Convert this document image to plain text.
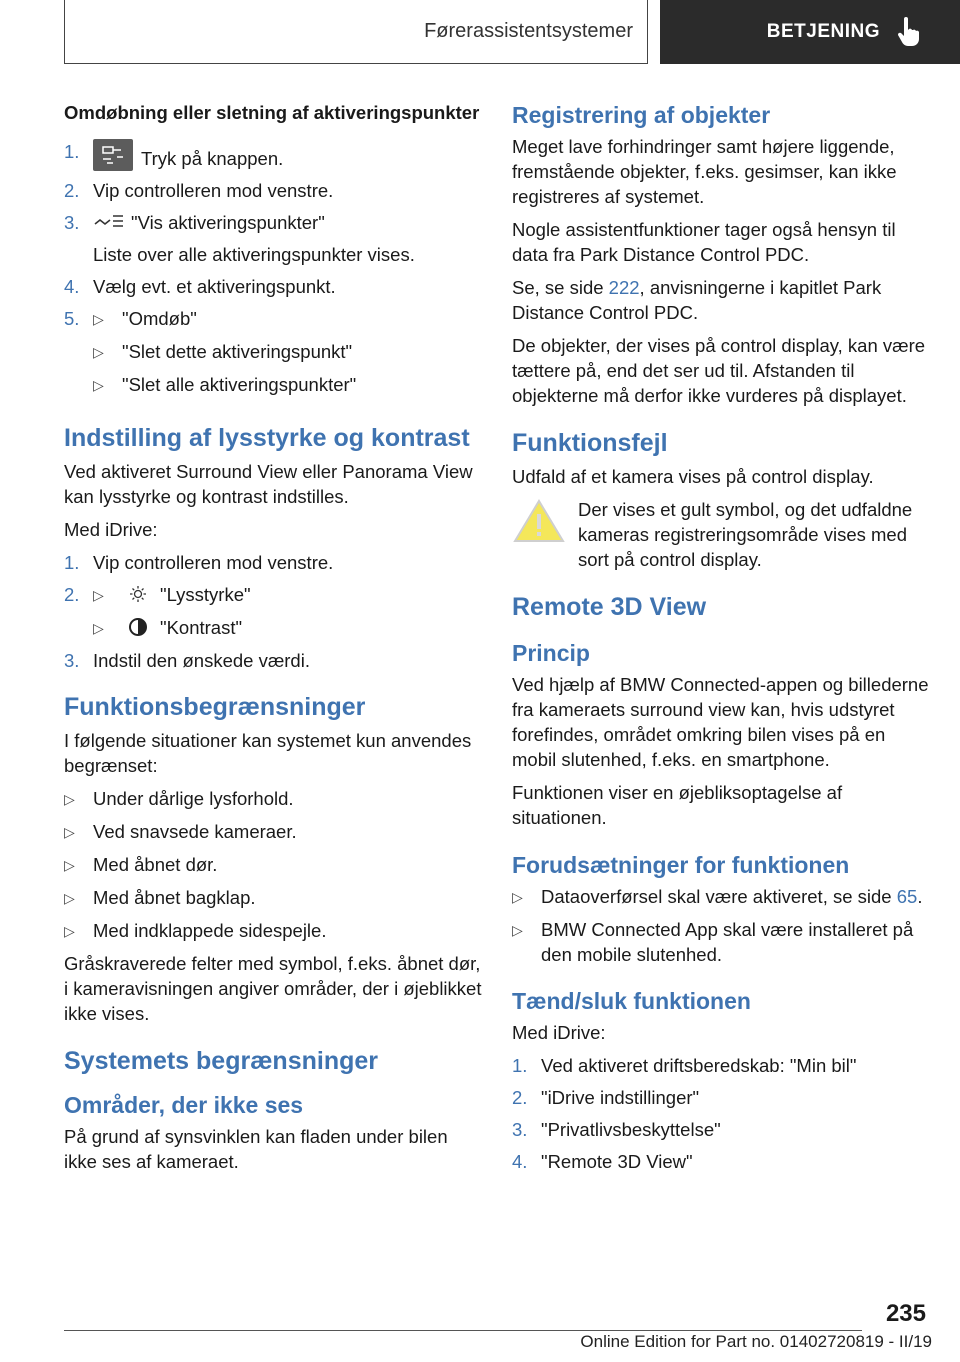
Førerassistentsystemer	BETJENING
Omdøbning eller sletning af aktiveringspunkter
1.	Tryk på knappen.
2. Vip controlleren mod venstre.
3.	"Vis aktiveringspunkter"
Liste over alle aktiveringspunkter vises.
4. Vælg evt. et aktiveringspunkt.
5. ▷ "Omdøb"
▷ "Slet dette aktiveringspunkt"
▷ "Slet alle aktiveringspunkter"
Indstilling af lysstyrke og kontrast

Ved aktiveret Surround View eller Panorama View kan lysstyrke og kontrast indstilles.

Med iDrive:

1. Vip controlleren mod venstre.
2. ▷	"Lysstyrke"
▷	"Kontrast"
3. Indstil den ønskede værdi.
Funktionsbegrænsninger

I følgende situationer kan systemet kun anvendes begrænset:

▷ Under dårlige lysforhold.
▷ Ved snavsede kameraer.
▷ Med åbnet dør.
▷ Med åbnet bagklap.
▷ Med indklappede sidespejle.

Gråskraverede felter med symbol, f.eks. åbnet dør, i kameravisningen angiver områder, der i øjeblikket ikke vises.

Systemets begrænsninger
Områder, der ikke ses

På grund af synsvinklen kan fladen under bilen ikke ses af kameraet.

Registrering af objekter

Meget lave forhindringer samt højere liggende, fremstående objekter, f.eks. gesimser, kan ikke registreres af systemet.

Nogle assistentfunktioner tager også hensyn til data fra Park Distance Control PDC.

Se, se side 222, anvisningerne i kapitlet Park Distance Control PDC.

De objekter, der vises på control display, kan være tættere på, end det ser ud til. Afstanden til objekterne må derfor ikke vurderes på displayet.

Funktionsfejl

Udfald af et kamera vises på control display.

Der vises et gult symbol, og det udfaldne kameras registreringsområde vises med sort på control display.
Remote 3D View
Princip

Ved hjælp af BMW Connected-appen og billederne fra kameraets surround view kan, hvis udstyret forefindes, området omkring bilen vises på en mobil slutenhed, f.eks. en smartphone.

Funktionen viser en øjebliksoptagelse af situationen.

Forudsætninger for funktionen
▷ Dataoverførsel skal være aktiveret, se side 65.
▷ BMW Connected App skal være installeret på den mobile slutenhed.
Tænd/sluk funktionen

Med iDrive:

1. Ved aktiveret driftsberedskab: "Min bil"
2. "iDrive indstillinger"
3. "Privatlivsbeskyttelse"
4. "Remote 3D View"
235
Online Edition for Part no. 01402720819 - II/19
